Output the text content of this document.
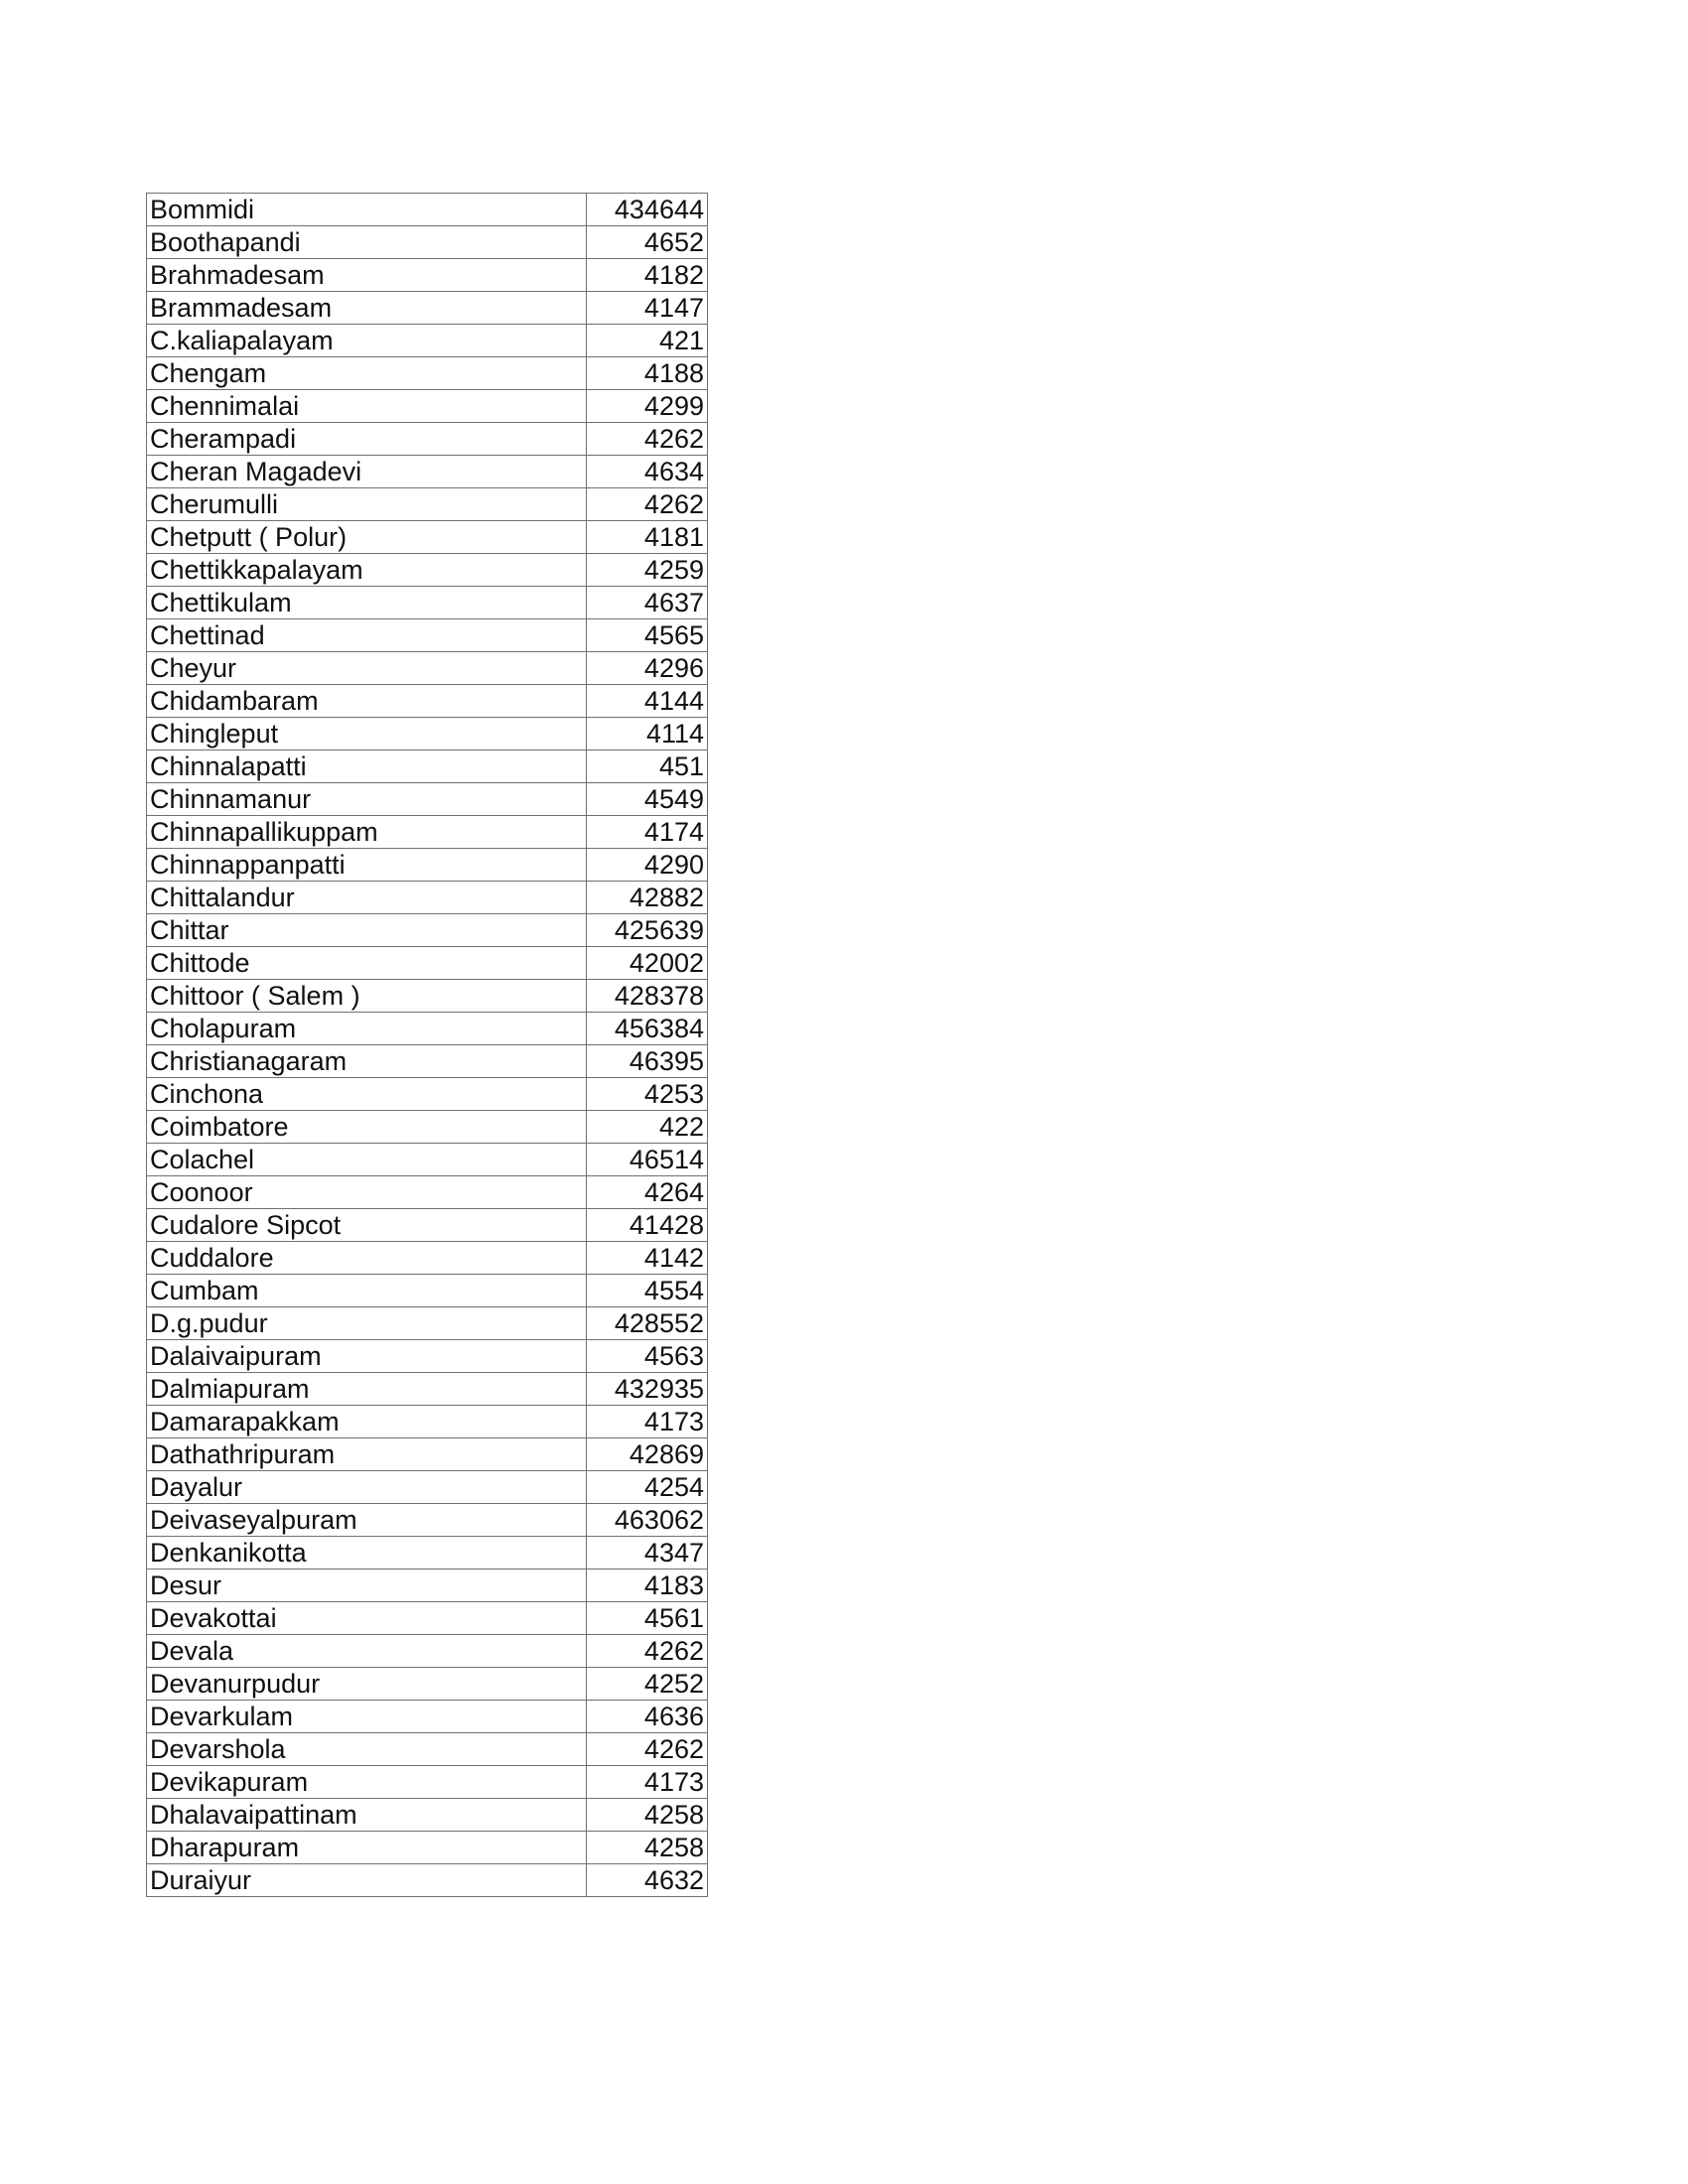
Bommidi	434644
Boothapandi	4652
Brahmadesam	4182
Brammadesam	4147
C.kaliapalayam	421
Chengam	4188
Chennimalai	4299
Cherampadi	4262
Cheran Magadevi	4634
Cherumulli	4262
Chetputt ( Polur)	4181
Chettikkapalayam	4259
Chettikulam	4637
Chettinad	4565
Cheyur	4296
Chidambaram	4144
Chingleput	4114
Chinnalapatti	451
Chinnamanur	4549
Chinnapallikuppam	4174
Chinnappanpatti	4290
Chittalandur	42882
Chittar	425639
Chittode	42002
Chittoor ( Salem )	428378
Cholapuram	456384
Christianagaram	46395
Cinchona	4253
Coimbatore	422
Colachel	46514
Coonoor	4264
Cudalore Sipcot	41428
Cuddalore	4142
Cumbam	4554
D.g.pudur	428552
Dalaivaipuram	4563
Dalmiapuram	432935
Damarapakkam	4173
Dathathripuram	42869
Dayalur	4254
Deivaseyalpuram	463062
Denkanikotta	4347
Desur	4183
Devakottai	4561
Devala	4262
Devanurpudur	4252
Devarkulam	4636
Devarshola	4262
Devikapuram	4173
Dhalavaipattinam	4258
Dharapuram	4258
Duraiyur	4632
